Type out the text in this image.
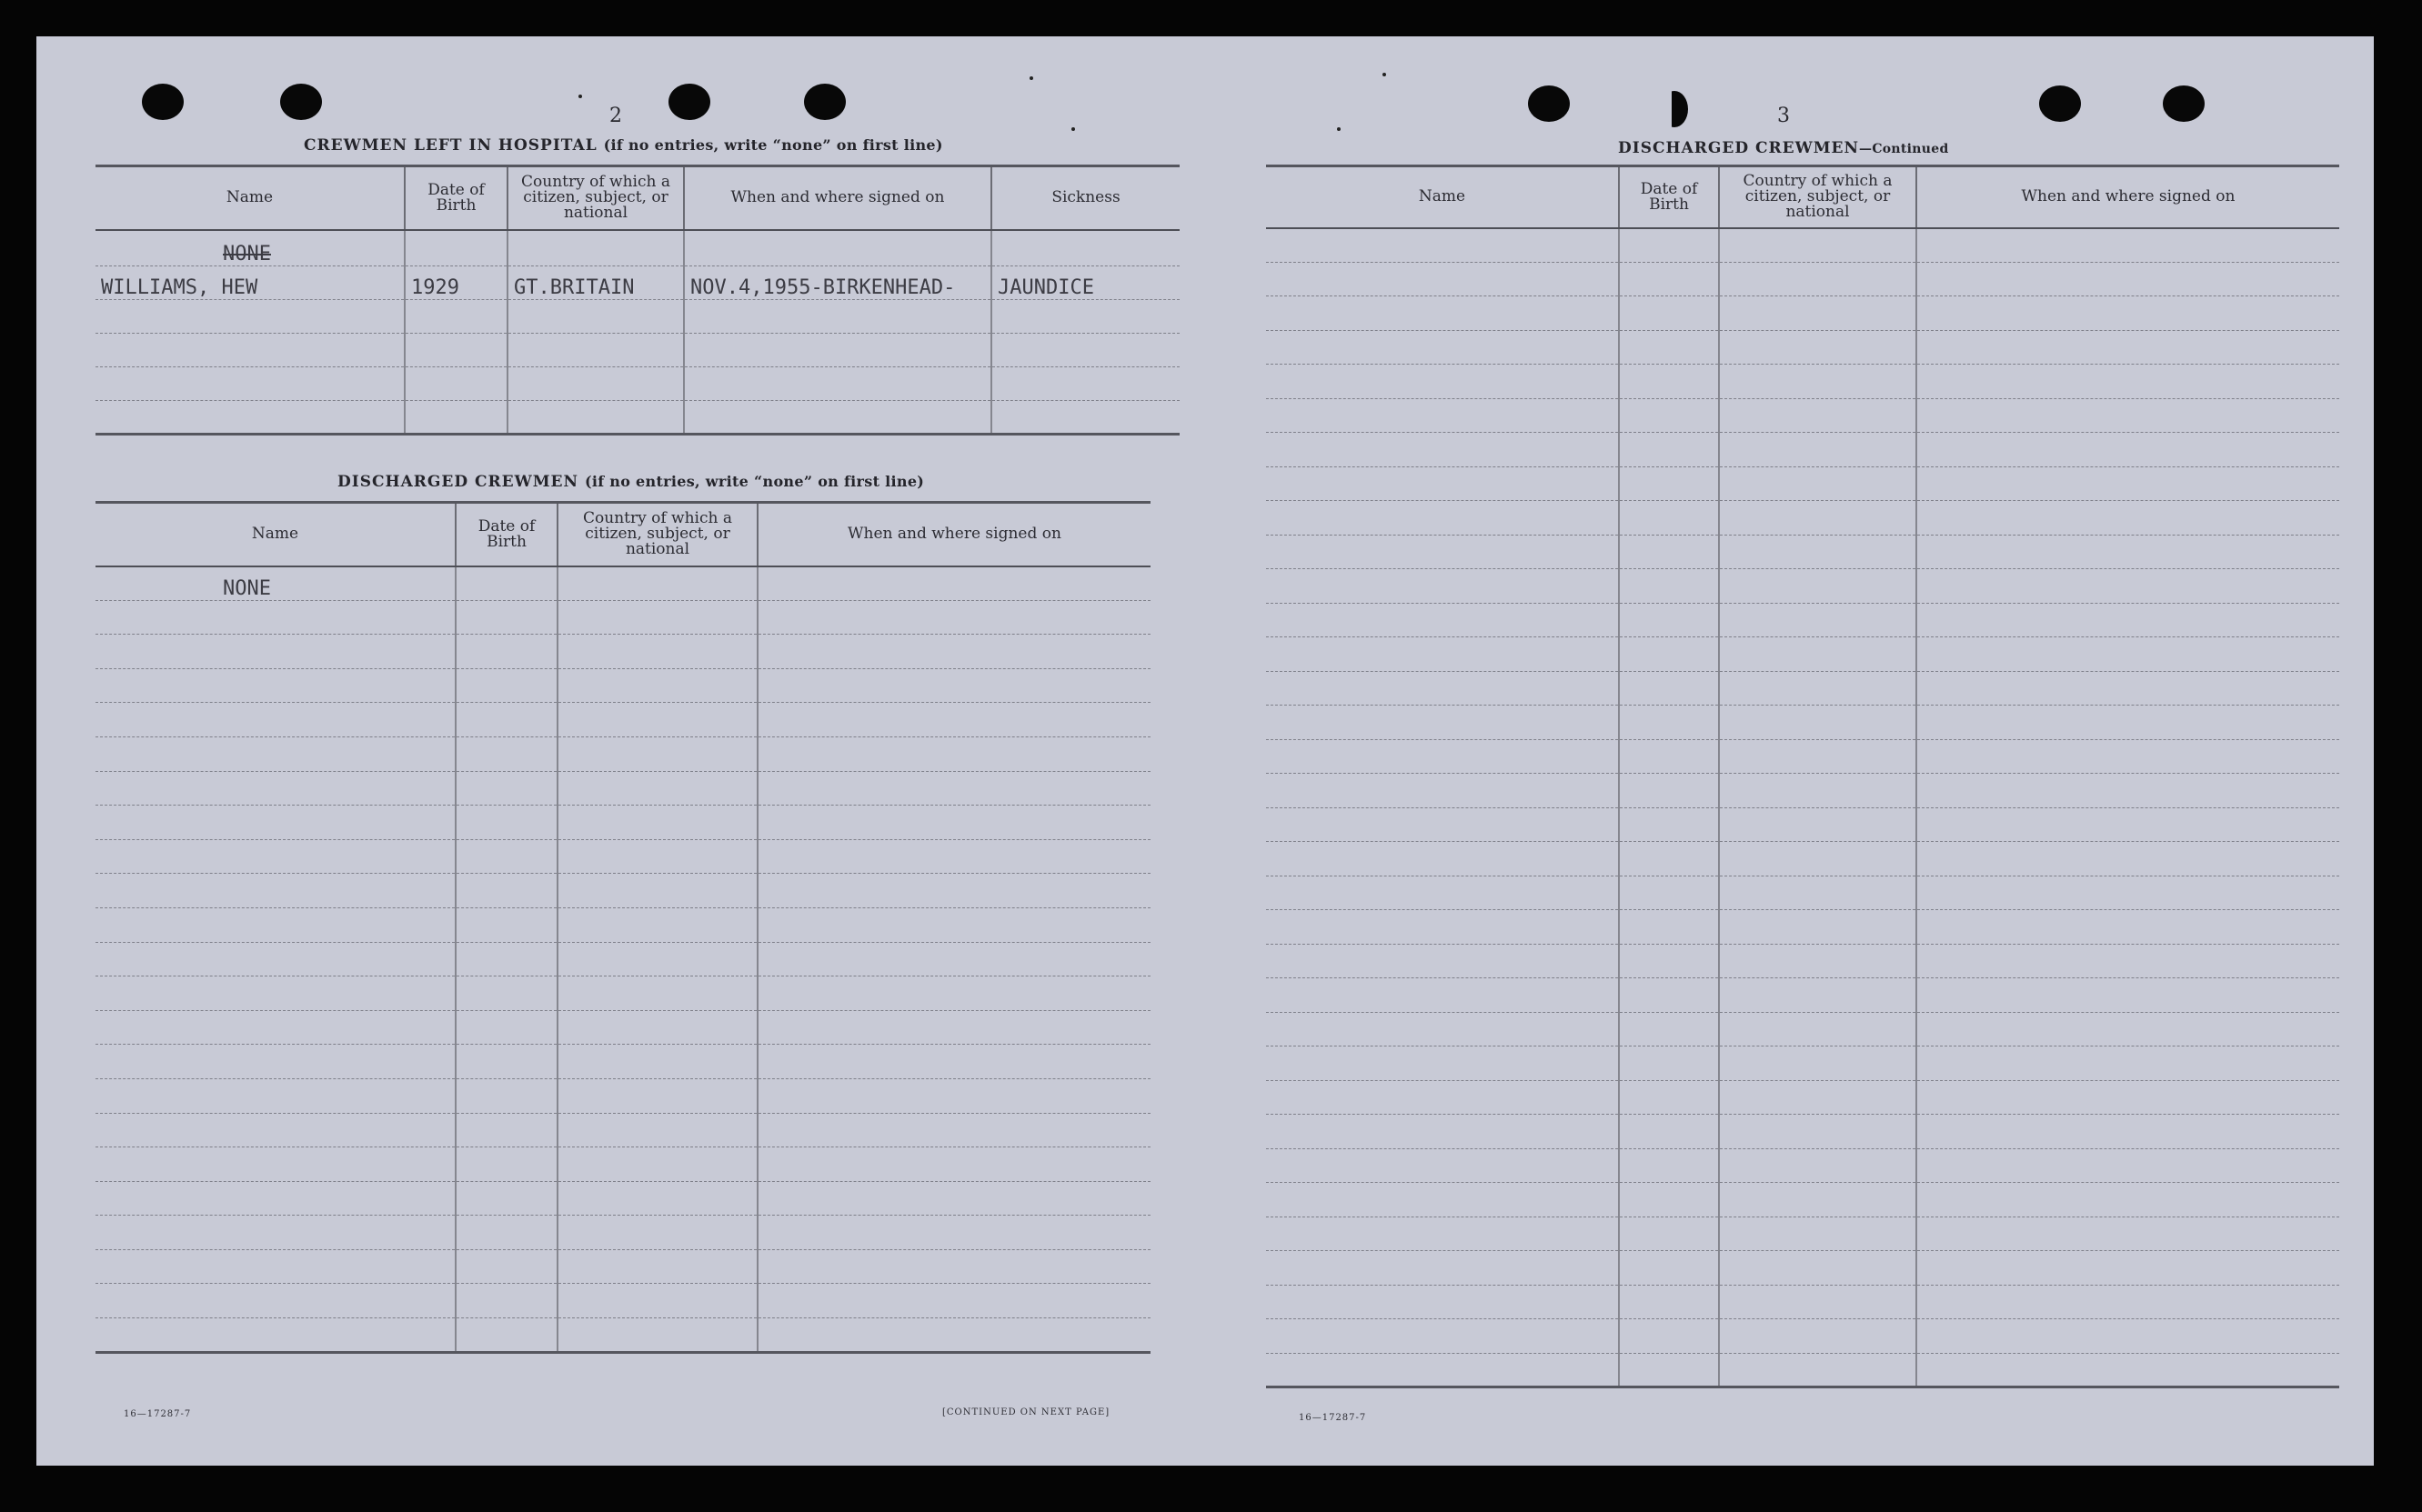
2
CREWMEN LEFT IN HOSPITAL (if no entries, write “none” on first line)
Name	Date of Birth	Country of which a citizen, subject, or national	When and where signed on	Sickness
NONE				
WILLIAMS, HEW	1929	GT.BRITAIN	NOV.4,1955-BIRKENHEAD-	JAUNDICE

DISCHARGED CREWMEN (if no entries, write “none” on first line)
Name	Date of Birth	Country of which a citizen, subject, or national	When and where signed on
NONE			

16—17287-7	[CONTINUED ON NEXT PAGE]
3
DISCHARGED CREWMEN—Continued
Name	Date of Birth	Country of which a citizen, subject, or national	When and where signed on

16—17287-7
